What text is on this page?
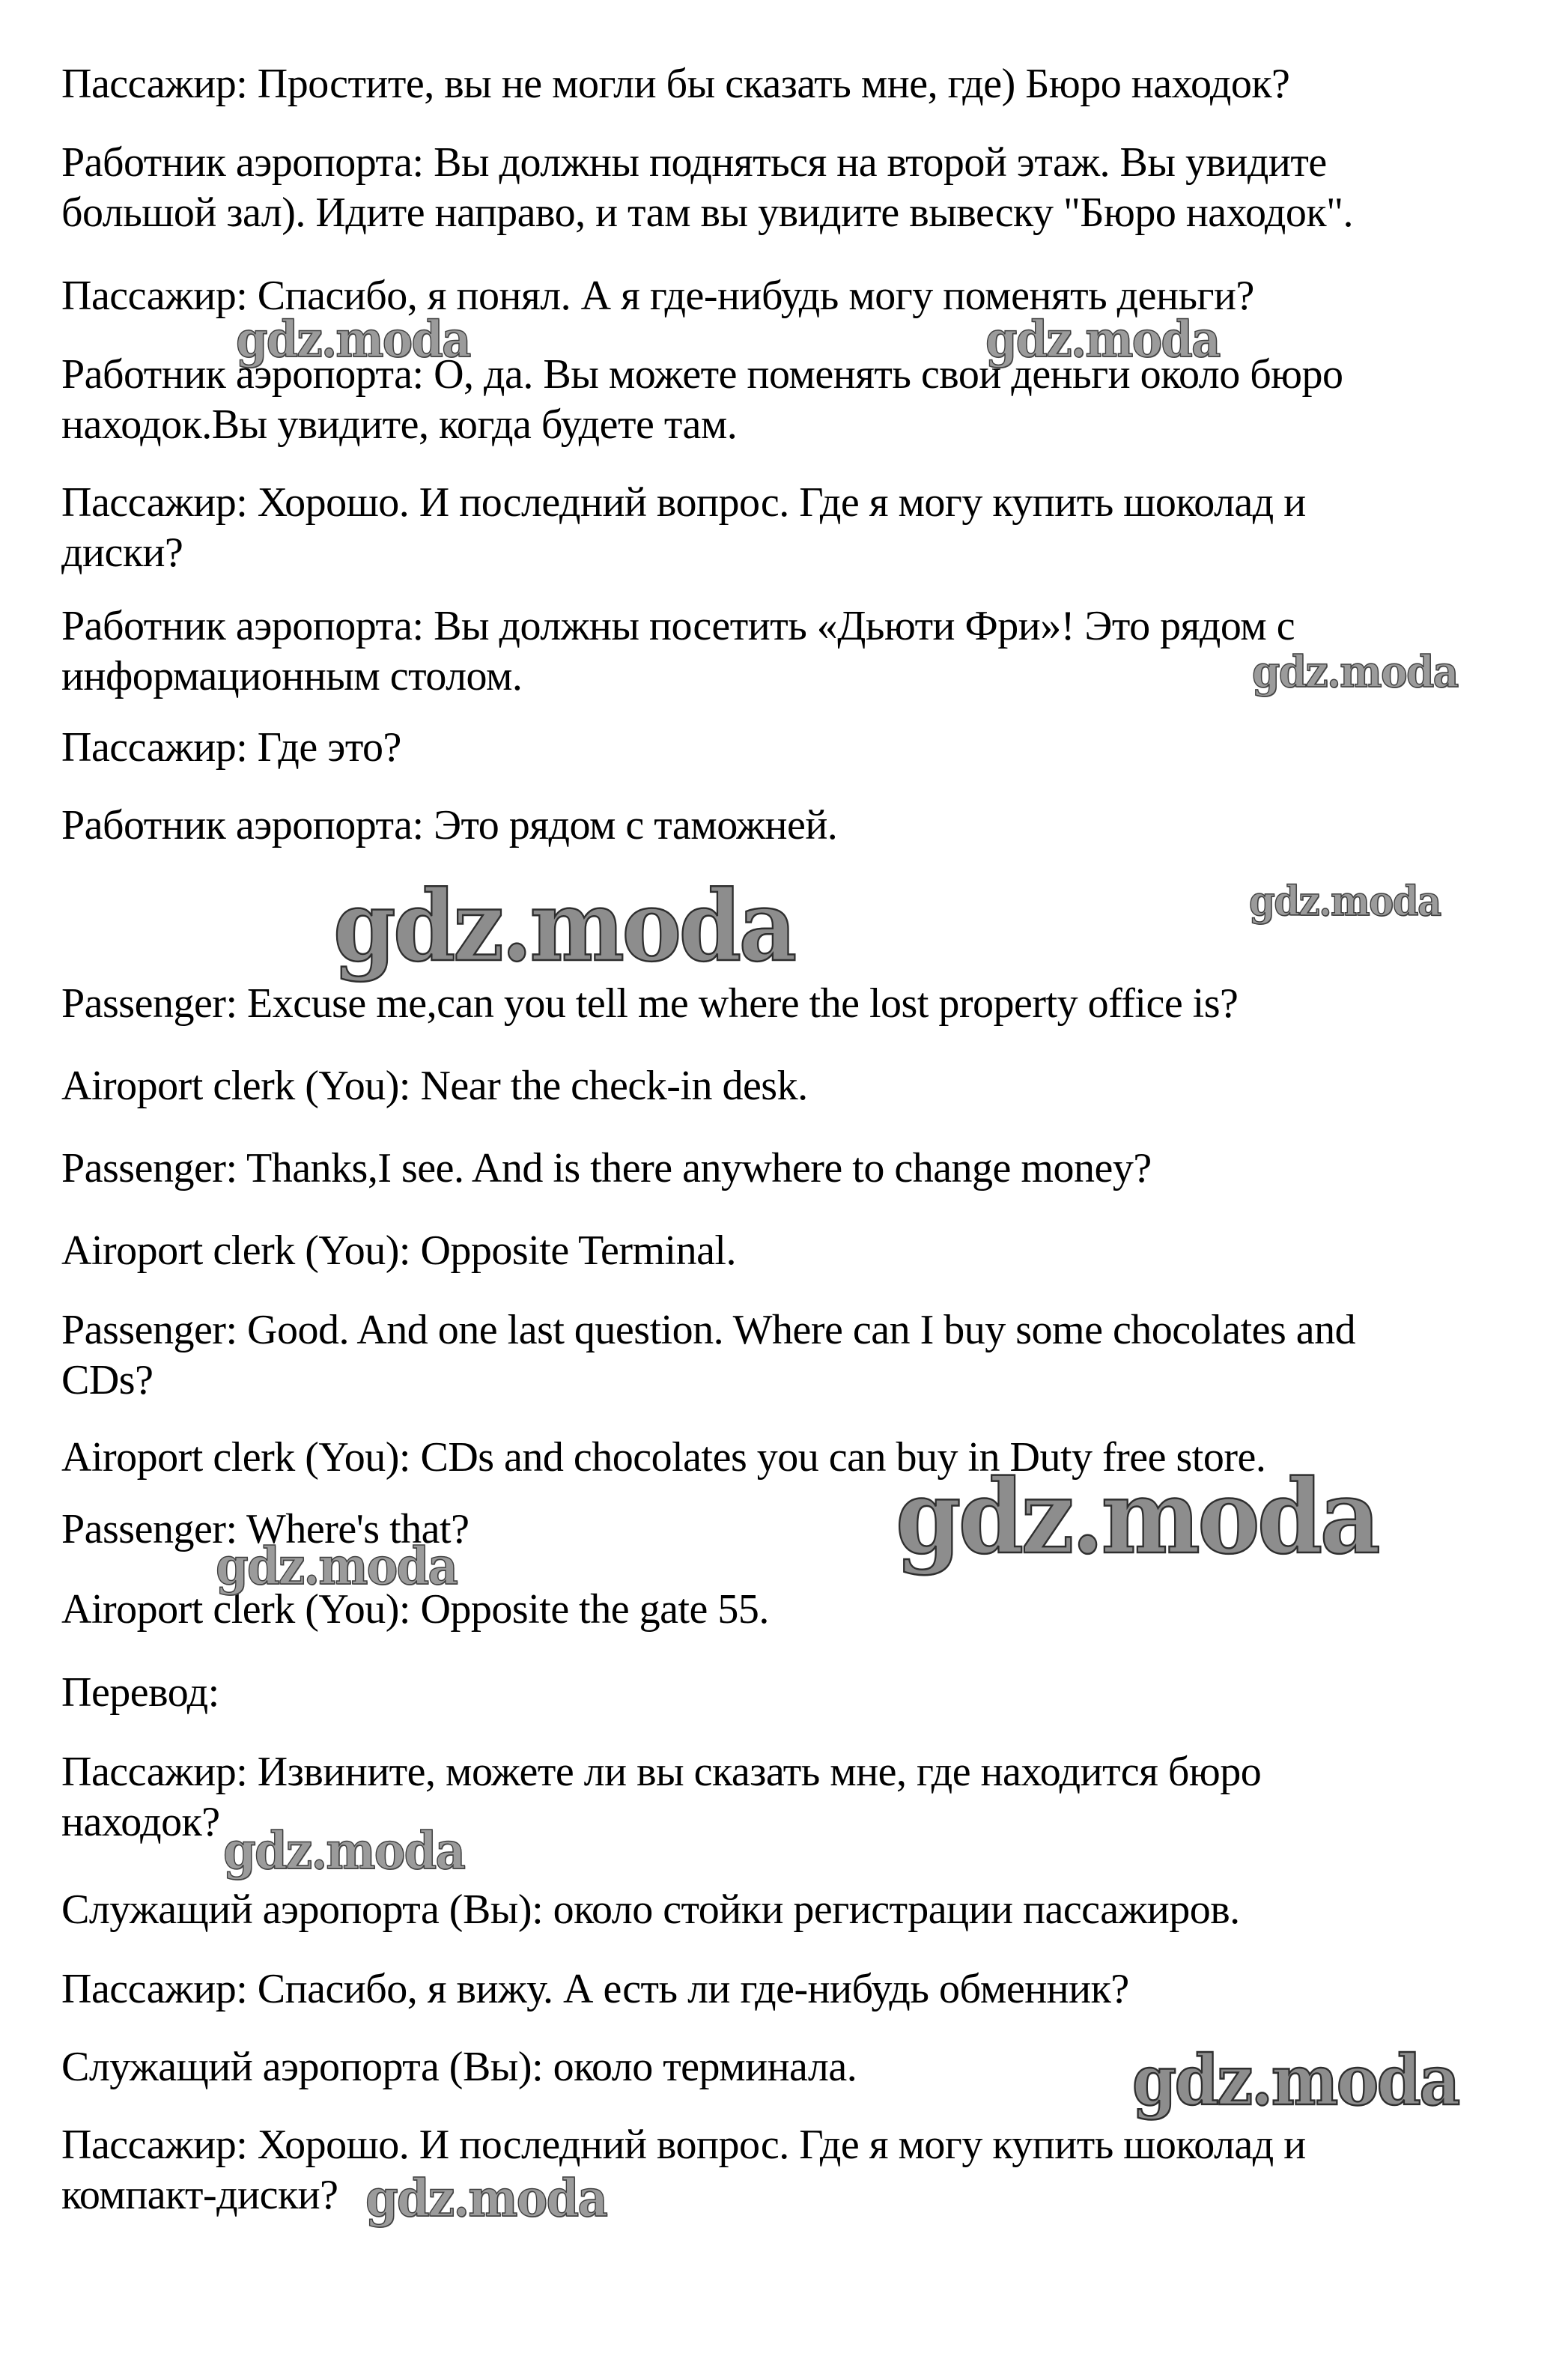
Пассажир: Простите, вы не могли бы сказать мне, где) Бюро находок?
Работник аэропорта: Вы должны подняться на второй этаж. Вы увидите
большой зал). Идите направо, и там вы увидите вывеску "Бюро находок".
Пассажир: Спасибо, я понял. А я где-нибудь могу поменять деньги?
Работник аэропорта: О, да. Вы можете поменять свои деньги около бюро
находок.Вы увидите, когда будете там.
Пассажир: Хорошо. И последний вопрос. Где я могу купить шоколад и
диски?
Работник аэропорта: Вы должны посетить «Дьюти Фри»! Это рядом с
информационным столом.
Пассажир: Где это?
Работник аэропорта: Это рядом с таможней.
Passenger: Excuse me,can you tell me where the lost property office is?
Airoport clerk (You): Near the check-in desk.
Passenger: Thanks,I see. And is there anywhere to change money?
Airoport clerk (You): Opposite Terminal.
Passenger: Good. And one last question. Where can I buy some chocolates and
CDs?
Airoport clerk (You): CDs and chocolates you can buy in Duty free store.
Passenger: Where's that?
Airoport clerk (You): Opposite the gate 55.
Перевод:
Пассажир: Извините, можете ли вы сказать мне, где находится бюро
находок?
Служащий аэропорта (Вы): около стойки регистрации пассажиров.
Пассажир: Спасибо, я вижу. А есть ли где-нибудь обменник?
Служащий аэропорта (Вы): около терминала.
Пассажир: Хорошо. И последний вопрос. Где я могу купить шоколад и
компакт-диски?
gdz.moda	gdz.moda
gdz.moda
gdz.moda	gdz.moda
gdz.moda
gdz.moda
gdz.moda
gdz.moda
gdz.moda
